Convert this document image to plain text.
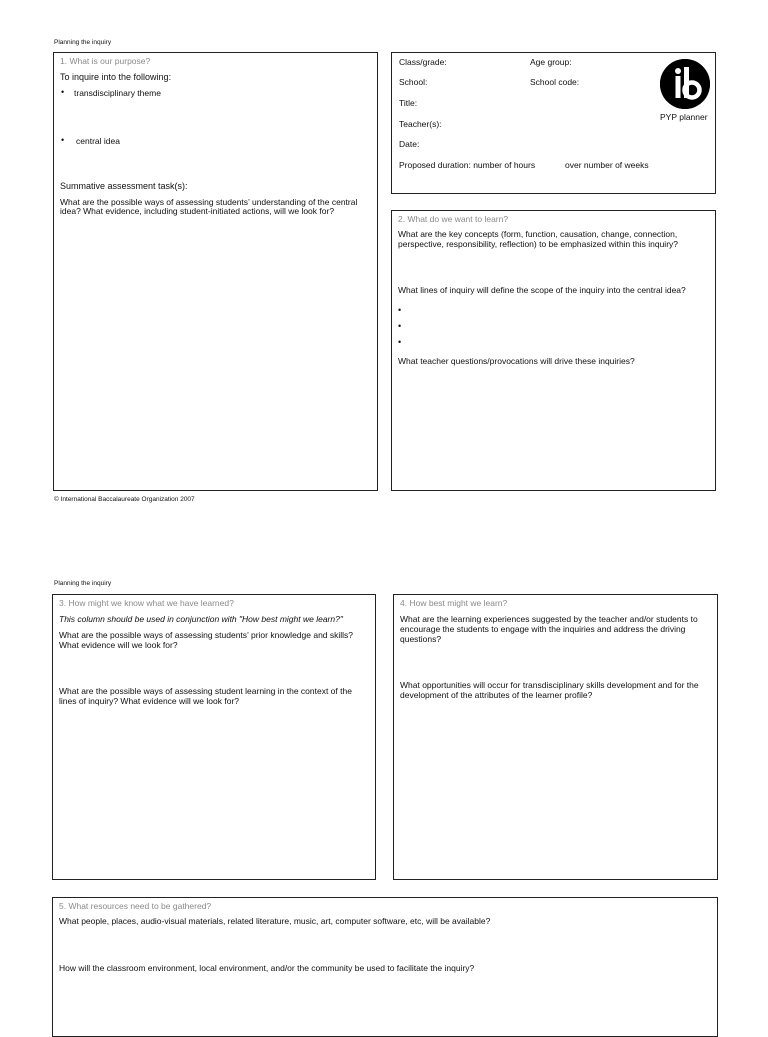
Planning the inquiry
1. What is our purpose?
To inquire into the following:
• transdisciplinary theme
• central idea
Summative assessment task(s):
What are the possible ways of assessing students’ understanding of the central
idea? What evidence, including student-initiated actions, will we look for?
Class/grade:	Age group:
School:	School code:
Title:
Teacher(s):
Date:
Proposed duration: number of hours	over number of weeks
PYP planner
2. What do we want to learn?
What are the key concepts (form, function, causation, change, connection,
perspective, responsibility, reflection) to be emphasized within this inquiry?
What lines of inquiry will define the scope of the inquiry into the central idea?
•
•
•
What teacher questions/provocations will drive these inquiries?
© International Baccalaureate Organization 2007
Planning the inquiry
3. How might we know what we have learned?
This column should be used in conjunction with "How best might we learn?"
What are the possible ways of assessing students’ prior knowledge and skills?
What evidence will we look for?
What are the possible ways of assessing student learning in the context of the
lines of inquiry? What evidence will we look for?
4. How best might we learn?
What are the learning experiences suggested by the teacher and/or students to
encourage the students to engage with the inquiries and address the driving
questions?
What opportunities will occur for transdisciplinary skills development and for the
development of the attributes of the learner profile?
5. What resources need to be gathered?
What people, places, audio-visual materials, related literature, music, art, computer software, etc, will be available?
How will the classroom environment, local environment, and/or the community be used to facilitate the inquiry?
